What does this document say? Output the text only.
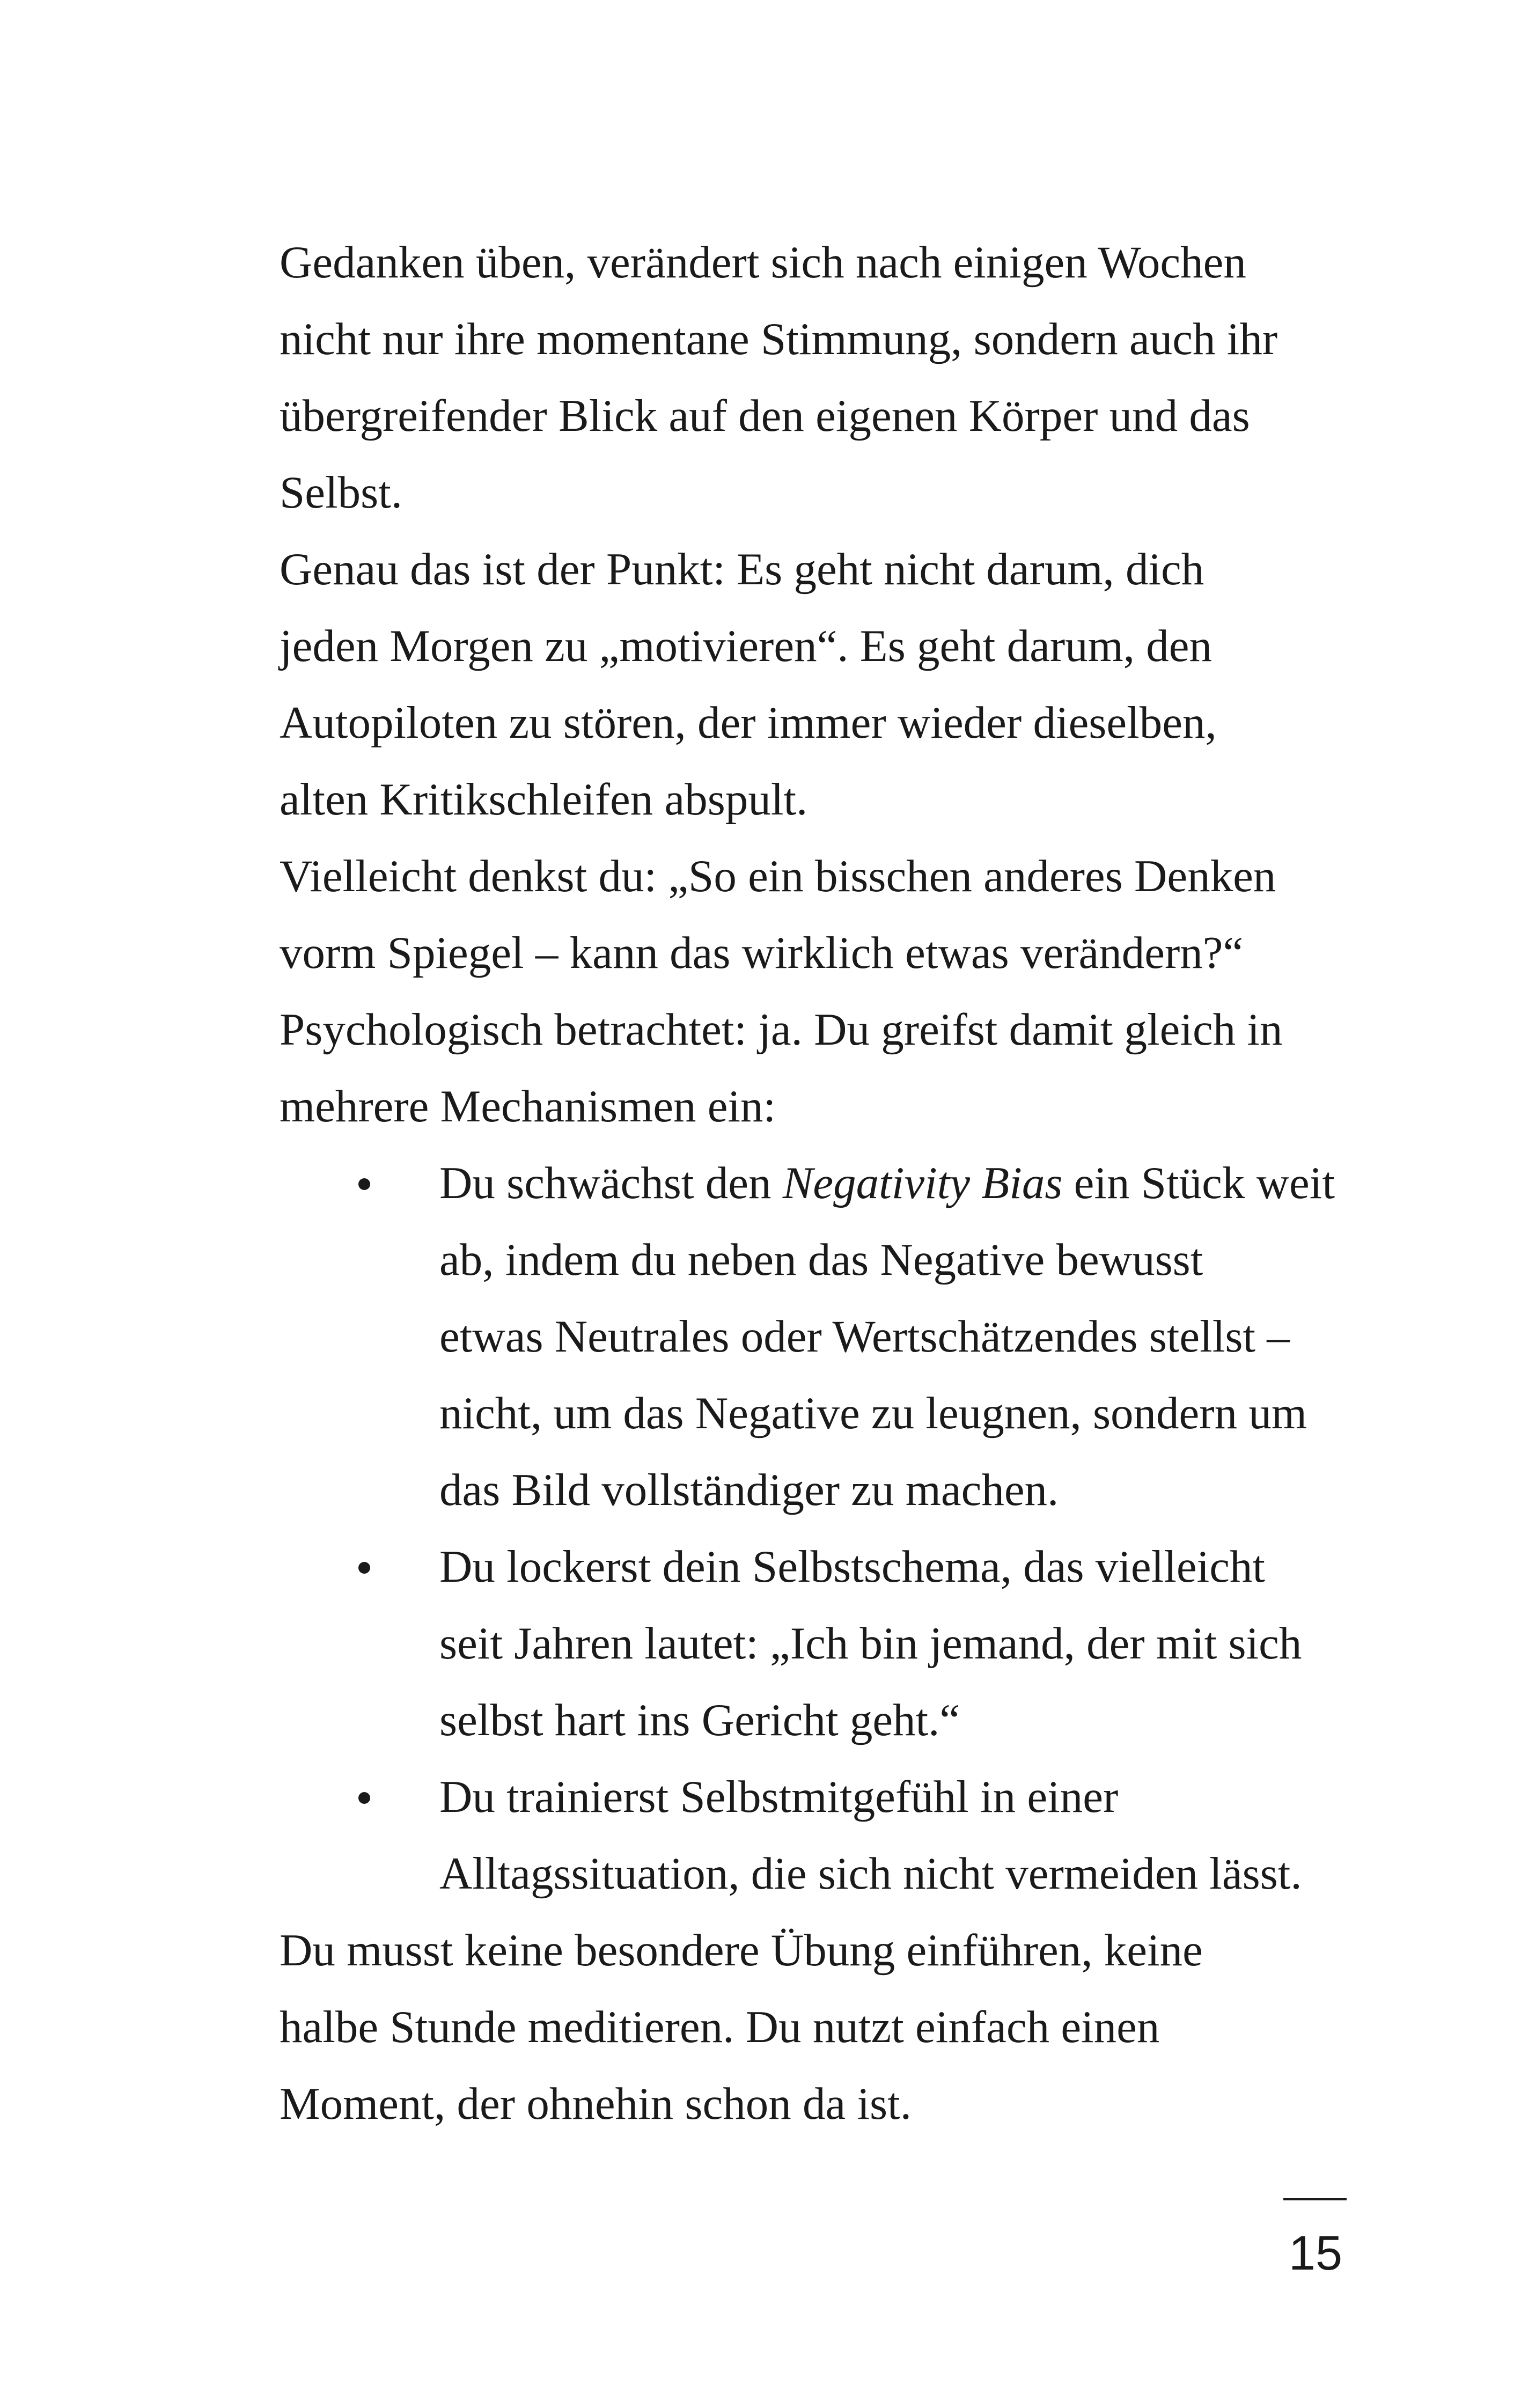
Gedanken üben, verändert sich nach einigen Wochen
nicht nur ihre momentane Stimmung, sondern auch ihr
übergreifender Blick auf den eigenen Körper und das
Selbst.
Genau das ist der Punkt: Es geht nicht darum, dich
jeden Morgen zu „motivieren“. Es geht darum, den
Autopiloten zu stören, der immer wieder dieselben,
alten Kritikschleifen abspult.
Vielleicht denkst du: „So ein bisschen anderes Denken
vorm Spiegel – kann das wirklich etwas verändern?“
Psychologisch betrachtet: ja. Du greifst damit gleich in
mehrere Mechanismen ein:
Du schwächst den Negativity Bias ein Stück weit
ab, indem du neben das Negative bewusst
etwas Neutrales oder Wertschätzendes stellst –
nicht, um das Negative zu leugnen, sondern um
das Bild vollständiger zu machen.
Du lockerst dein Selbstschema, das vielleicht
seit Jahren lautet: „Ich bin jemand, der mit sich
selbst hart ins Gericht geht.“
Du trainierst Selbstmitgefühl in einer
Alltagssituation, die sich nicht vermeiden lässt.
Du musst keine besondere Übung einführen, keine
halbe Stunde meditieren. Du nutzt einfach einen
Moment, der ohnehin schon da ist.
15
